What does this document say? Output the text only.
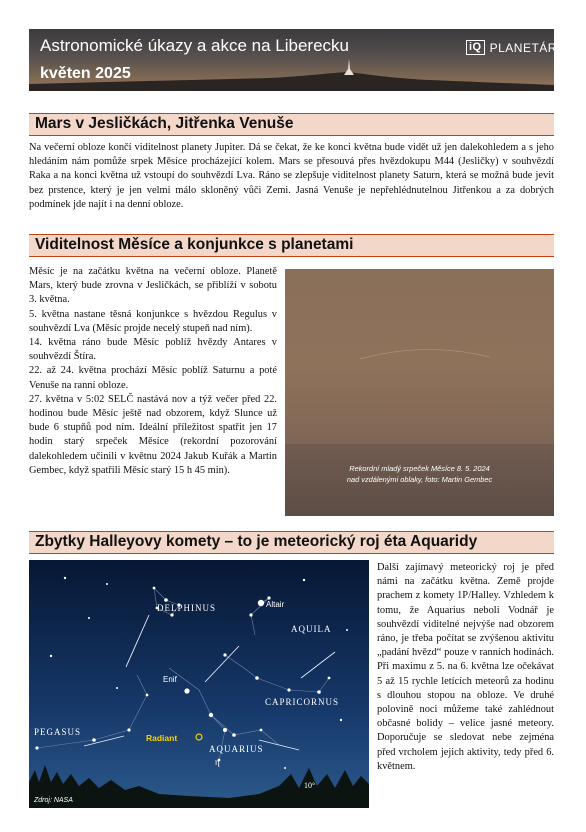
Astronomické úkazy a akce na Liberecku
květen 2025
iQ PLANETÁRIUM
Mars v Jesličkách, Jitřenka Venuše

Na večerní obloze končí viditelnost planety Jupiter. Dá se čekat, že ke konci května bude vidět už jen dalekohledem a s jeho hledáním nám pomůže srpek Měsíce procházející kolem. Mars se přesouvá přes hvězdokupu M44 (Jesličky) v souhvězdí Raka a na konci května už vstoupí do souhvězdí Lva. Ráno se zlepšuje viditelnost planety Saturn, která se možná bude jevit bez prstence, který je jen velmi málo skloněný vůči Zemi. Jasná Venuše je nepřehlédnutelnou Jitřenkou a za dobrých podmínek jde najít i na denní obloze.

Viditelnost Měsíce a konjunkce s planetami

Měsíc je na začátku května na večerní obloze. Planetě Mars, který bude zrovna v Jesličkách, se přiblíží v sobotu 3. května.

5. května nastane těsná konjunkce s hvězdou Regulus v souhvězdí Lva (Měsíc projde necelý stupeň nad ním).

14. května ráno bude Měsíc poblíž hvězdy Antares v souhvězdí Štíra.

22. až 24. května prochází Měsíc poblíž Saturnu a poté Venuše na ranní obloze.

27. května v 5:02 SELČ nastává nov a týž večer před 22. hodinou bude Měsíc ještě nad obzorem, když Slunce už bude 6 stupňů pod ním. Ideální příležitost spatřit jen 17 hodin starý srpeček Měsíce (rekordní pozorování dalekohledem učinili v květnu 2024 Jakub Kuřák a Martin Gembec, když spatřili Měsíc starý 15 h 45 min).	Rekordní mladý srpeček Měsíce 8. 5. 2024
nad vzdálenými oblaky, foto: Martin Gembec
Zbytky Halleyovy komety – to je meteorický roj éta Aquaridy
DELPHINUS	Altair
AQUILA
Enif
CAPRICORNUS
PEGASUS
Radiant
AQUARIUS
η
10°
Zdroj: NASA

Další zajímavý meteorický roj je před námi na začátku května. Země projde prachem z komety 1P/Halley. Vzhledem k tomu, že Aquarius neboli Vodnář je souhvězdí viditelné nejvýše nad obzorem ráno, je třeba počítat se zvýšenou aktivitu „padání hvězd“ pouze v ranních hodinách. Při maximu z 5. na 6. května lze očekávat 5 až 15 rychle letících meteorů za hodinu s dlouhou stopou na obloze. Ve druhé polovině noci můžeme také zahlédnout občasné bolidy – velice jasné meteory. Doporučuje se sledovat nebe zejména před vrcholem jejich aktivity, tedy před 6. květnem.
